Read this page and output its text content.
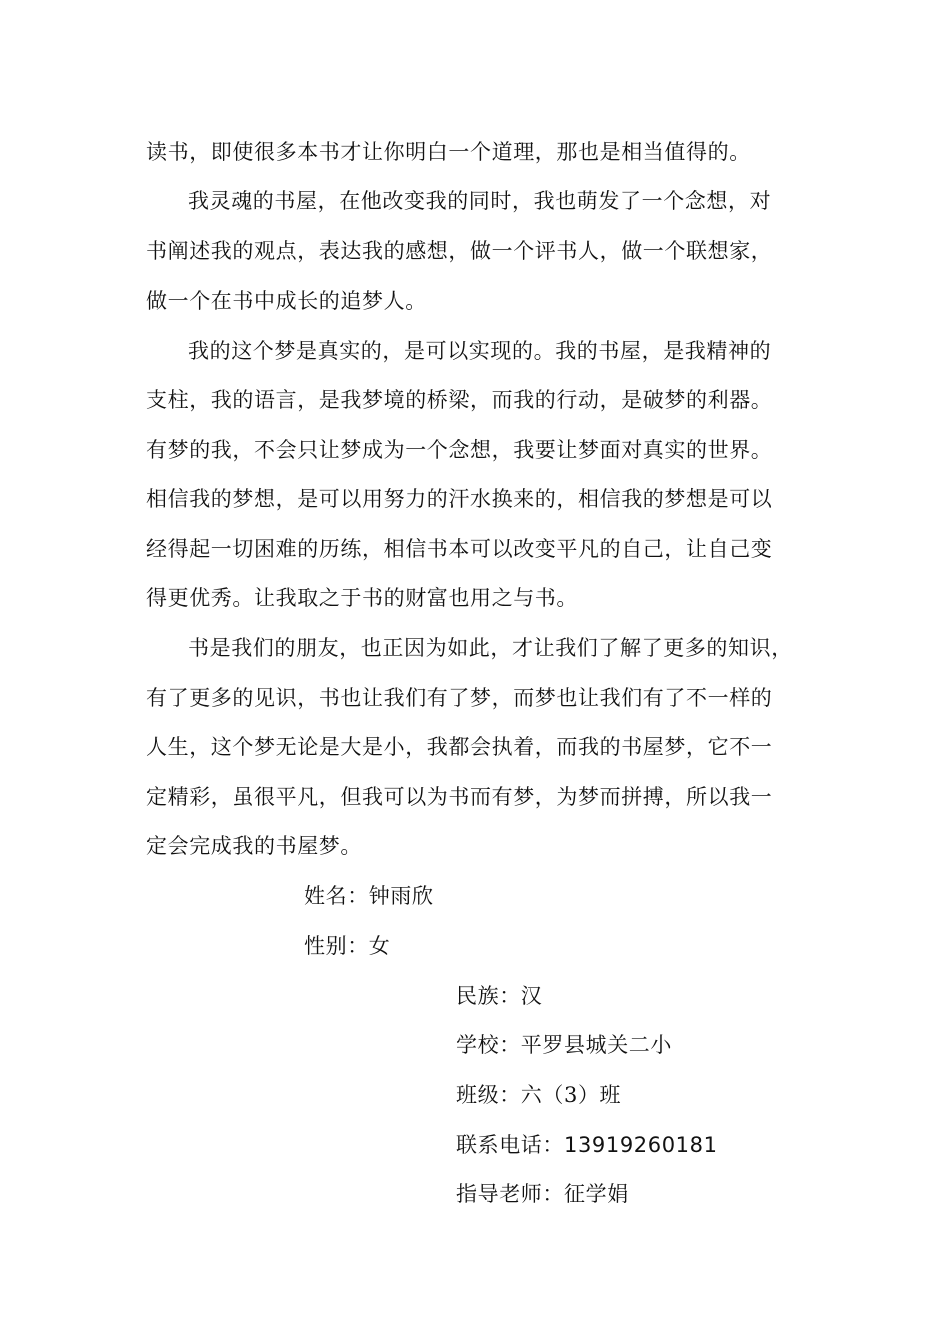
读书，即使很多本书才让你明白一个道理，那也是相当值得的。
我灵魂的书屋，在他改变我的同时，我也萌发了一个念想，对
书阐述我的观点，表达我的感想，做一个评书人，做一个联想家，
做一个在书中成长的追梦人。
我的这个梦是真实的，是可以实现的。我的书屋，是我精神的
支柱，我的语言，是我梦境的桥梁，而我的行动，是破梦的利器。
有梦的我，不会只让梦成为一个念想，我要让梦面对真实的世界。
相信我的梦想，是可以用努力的汗水换来的，相信我的梦想是可以
经得起一切困难的历练，相信书本可以改变平凡的自己，让自己变
得更优秀。让我取之于书的财富也用之与书。
书是我们的朋友，也正因为如此，才让我们了解了更多的知识，
有了更多的见识，书也让我们有了梦，而梦也让我们有了不一样的
人生，这个梦无论是大是小，我都会执着，而我的书屋梦，它不一
定精彩，虽很平凡，但我可以为书而有梦，为梦而拼搏，所以我一
定会完成我的书屋梦。
姓名：钟雨欣
性别：女
民族：汉
学校：平罗县城关二小
班级：六（3）班
联系电话：13919260181
指导老师：征学娟
